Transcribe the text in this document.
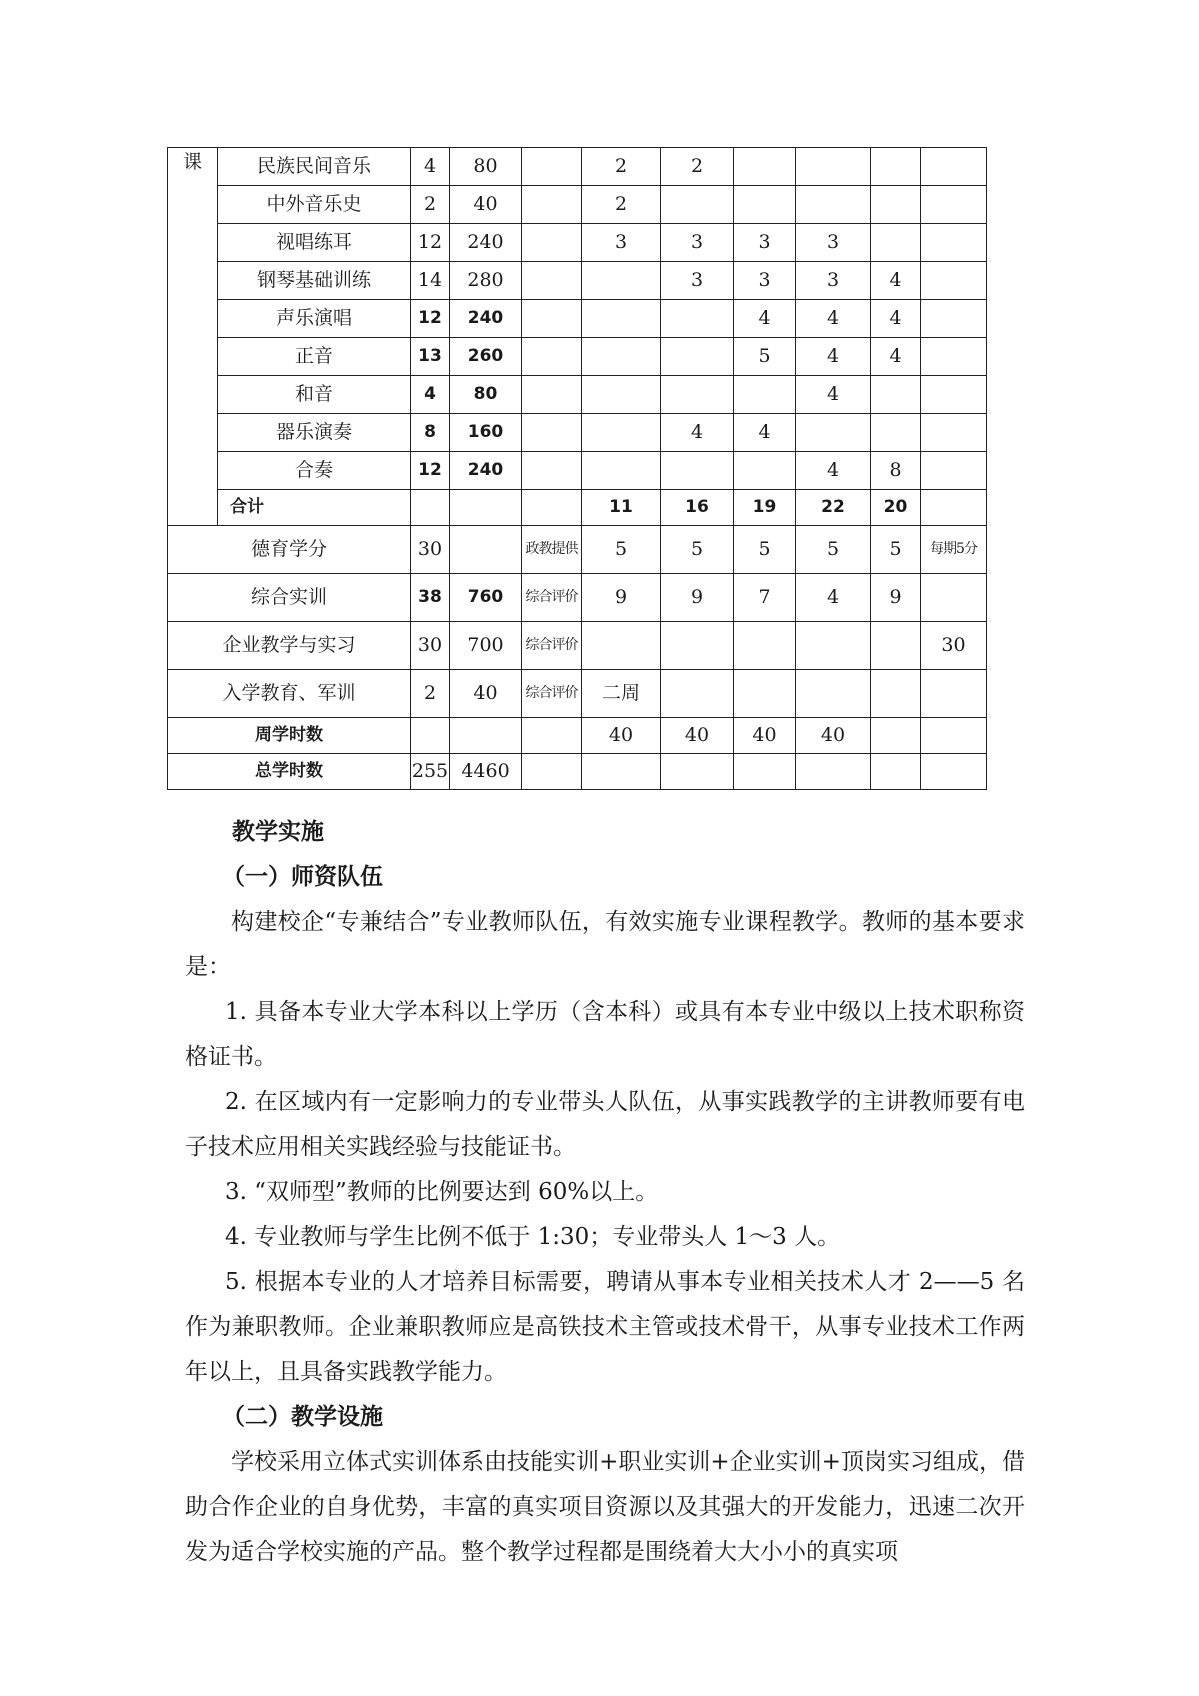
课	民族民间音乐	4	80		2	2				
	中外音乐史	2	40		2					
	视唱练耳	12	240		3	3	3	3		
	钢琴基础训练	14	280			3	3	3	4	
	声乐演唱	12	240				4	4	4	
	正音	13	260				5	4	4	
	和音	4	80					4		
	器乐演奏	8	160			4	4			
	合奏	12	240					4	8	
	合计				11	16	19	22	20	
德育学分		30		政教提供	5	5	5	5	5	每期5分
综合实训		38	760	综合评价	9	9	7	4	9	
企业教学与实习		30	700	综合评价						30
入学教育、军训		2	40	综合评价	二周					
周学时数					40	40	40	40		
总学时数		255	4460							
教学实施
（一）师资队伍

构建校企“专兼结合”专业教师队伍，有效实施专业课程教学。教师的基本要求是：

1. 具备本专业大学本科以上学历（含本科）或具有本专业中级以上技术职称资格证书。

2. 在区域内有一定影响力的专业带头人队伍，从事实践教学的主讲教师要有电子技术应用相关实践经验与技能证书。

3. “双师型”教师的比例要达到 60%以上。

4. 专业教师与学生比例不低于 1:30；专业带头人 1～3 人。

5. 根据本专业的人才培养目标需要，聘请从事本专业相关技术人才 2——5 名作为兼职教师。企业兼职教师应是高铁技术主管或技术骨干，从事专业技术工作两年以上，且具备实践教学能力。

（二）教学设施

学校采用立体式实训体系由技能实训+职业实训+企业实训+顶岗实习组成，借助合作企业的自身优势，丰富的真实项目资源以及其强大的开发能力，迅速二次开发为适合学校实施的产品。整个教学过程都是围绕着大大小小的真实项
